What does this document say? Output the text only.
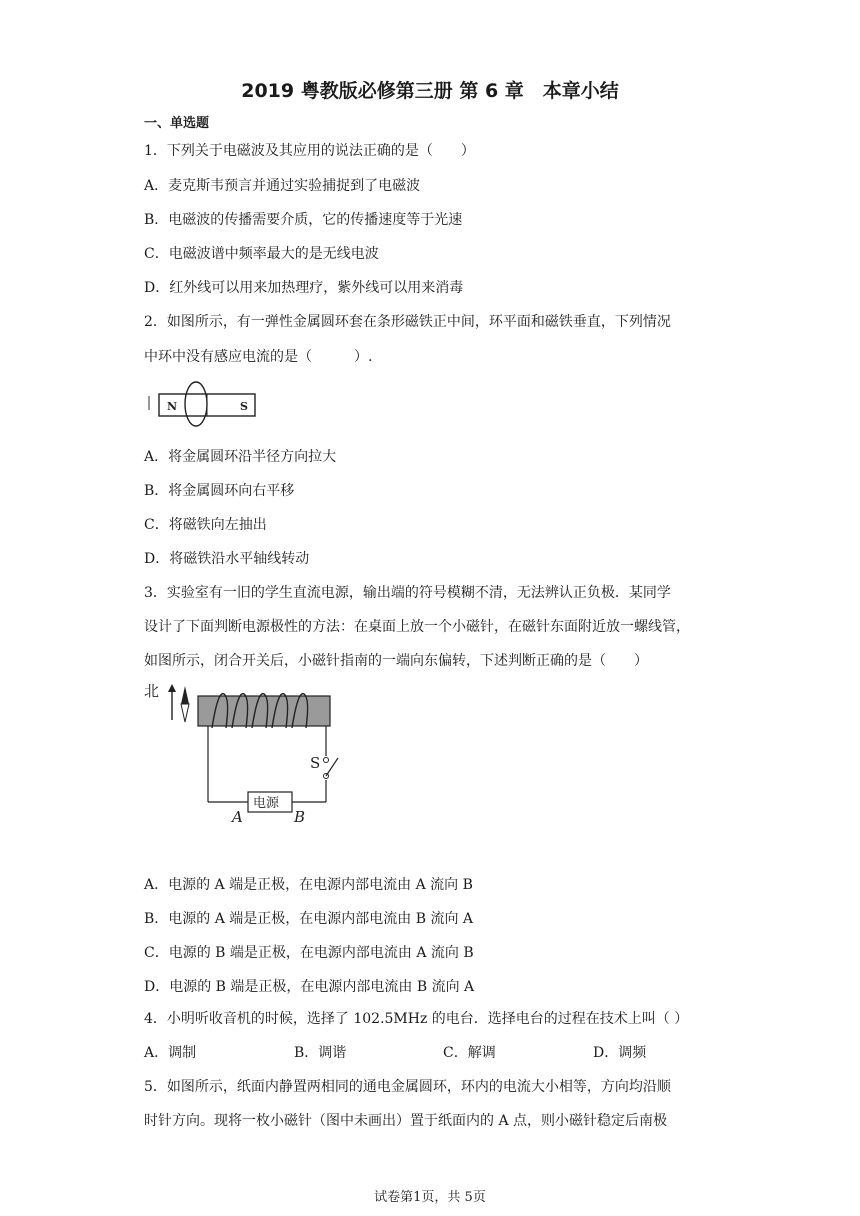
2019 粤教版必修第三册 第 6 章　本章小结
一、单选题
1．下列关于电磁波及其应用的说法正确的是（　　）
A．麦克斯韦预言并通过实验捕捉到了电磁波
B．电磁波的传播需要介质，它的传播速度等于光速
C．电磁波谱中频率最大的是无线电波
D．红外线可以用来加热理疗，紫外线可以用来消毒
2．如图所示，有一弹性金属圆环套在条形磁铁正中间，环平面和磁铁垂直，下列情况
中环中没有感应电流的是（　　　）.
N	S
A．将金属圆环沿半径方向拉大
B．将金属圆环向右平移
C．将磁铁向左抽出
D．将磁铁沿水平轴线转动
3．实验室有一旧的学生直流电源，输出端的符号模糊不清，无法辨认正负极．某同学
设计了下面判断电源极性的方法：在桌面上放一个小磁针，在磁针东面附近放一螺线管，
如图所示，闭合开关后，小磁针指南的一端向东偏转，下述判断正确的是（　　）
北
S
电源
A	B
A．电源的 A 端是正极，在电源内部电流由 A 流向 B
B．电源的 A 端是正极，在电源内部电流由 B 流向 A
C．电源的 B 端是正极，在电源内部电流由 A 流向 B
D．电源的 B 端是正极，在电源内部电流由 B 流向 A
4．小明听收音机的时候，选择了 102.5MHz 的电台．选择电台的过程在技术上叫（ ）
A．调制	B．调谐	C．解调	D．调频
5．如图所示，纸面内静置两相同的通电金属圆环，环内的电流大小相等，方向均沿顺
时针方向。现将一枚小磁针（图中未画出）置于纸面内的 A 点，则小磁针稳定后南极
试卷第1页，共 5页
